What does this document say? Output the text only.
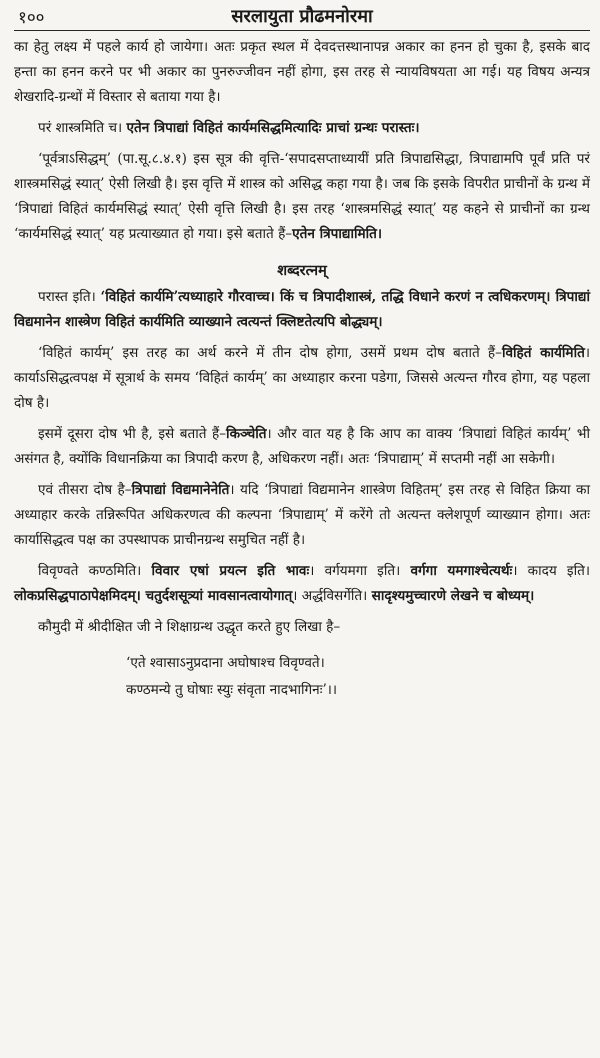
१००	सरलायुता प्रौढमनोरमा

का हेतु लक्ष्य में पहले कार्य हो जायेगा। अतः प्रकृत स्थल में देवदत्तस्थानापन्न अकार का हनन हो चुका है, इसके बाद हन्ता का हनन करने पर भी अकार का पुनरुज्जीवन नहीं होगा, इस तरह से न्यायविषयता आ गई। यह विषय अन्यत्र शेखरादि-ग्रन्थों में विस्तार से बताया गया है।

परं शास्त्रमिति च। एतेन त्रिपाद्यां विहितं कार्यमसिद्धमित्यादिः प्राचां ग्रन्थः परास्तः।

‘पूर्वत्राऽसिद्धम्’ (पा.सू.८.४.१) इस सूत्र की वृत्ति-‘सपादसप्ताध्यायीं प्रति त्रिपाद्यसिद्धा, त्रिपाद्यामपि पूर्वं प्रति परं शास्त्रमसिद्धं स्यात्’ ऐसी लिखी है। इस वृत्ति में शास्त्र को असिद्ध कहा गया है। जब कि इसके विपरीत प्राचीनों के ग्रन्थ में ‘त्रिपाद्यां विहितं कार्यमसिद्धं स्यात्’ ऐसी वृत्ति लिखी है। इस तरह ‘शास्त्रमसिद्धं स्यात्’ यह कहने से प्राचीनों का ग्रन्थ ‘कार्यमसिद्धं स्यात्’ यह प्रत्याख्यात हो गया। इसे बताते हैं–एतेन त्रिपाद्यामिति।

शब्दरत्नम्

परास्त इति। ‘विहितं कार्यमि’त्यध्याहारे गौरवाच्च। किं च त्रिपादीशास्त्रं, तद्धि विधाने करणं न त्वधिकरणम्। त्रिपाद्यां विद्यमानेन शास्त्रेण विहितं कार्यमिति व्याख्याने त्वत्यन्तं क्लिष्टतेत्यपि बोद्ध्यम्।

‘विहितं कार्यम्’ इस तरह का अर्थ करने में तीन दोष होगा, उसमें प्रथम दोष बताते हैं–विहितं कार्यमिति। कार्याऽसिद्धत्वपक्ष में सूत्रार्थ के समय ‘विहितं कार्यम्’ का अध्याहार करना पडेगा, जिससे अत्यन्त गौरव होगा, यह पहला दोष है।

इसमें दूसरा दोष भी है, इसे बताते हैं–किञ्चेति। और वात यह है कि आप का वाक्य ‘त्रिपाद्यां विहितं कार्यम्’ भी असंगत है, क्योंकि विधानक्रिया का त्रिपादी करण है, अधिकरण नहीं। अतः ‘त्रिपाद्याम्’ में सप्तमी नहीं आ सकेगी।

एवं तीसरा दोष है–त्रिपाद्यां विद्यमानेनेति। यदि ‘त्रिपाद्यां विद्यमानेन शास्त्रेण विहितम्’ इस तरह से विहित क्रिया का अध्याहार करके तन्निरूपित अधिकरणत्व की कल्पना ‘त्रिपाद्याम्’ में करेंगे तो अत्यन्त क्लेशपूर्ण व्याख्यान होगा। अतः कार्यासिद्धत्व पक्ष का उपस्थापक प्राचीनग्रन्थ समुचित नहीं है।

विवृण्वते कण्ठमिति। विवार एषां प्रयत्न इति भावः। वर्गयमगा इति। वर्गगा यमगाश्चेत्यर्थः। कादय इति। लोकप्रसिद्धपाठापेक्षमिदम्। चतुर्दशसूत्र्यां मावसानत्वायोगात्। अर्द्धविसर्गेति। सादृश्यमुच्चारणे लेखने च बोध्यम्।

कौमुदी में श्रीदीक्षित जी ने शिक्षाग्रन्थ उद्धृत करते हुए लिखा है–

‘एते श्वासाऽनुप्रदाना अघोषाश्च विवृण्वते।
कण्ठमन्ये तु घोषाः स्युः संवृता नादभागिनः’।।
